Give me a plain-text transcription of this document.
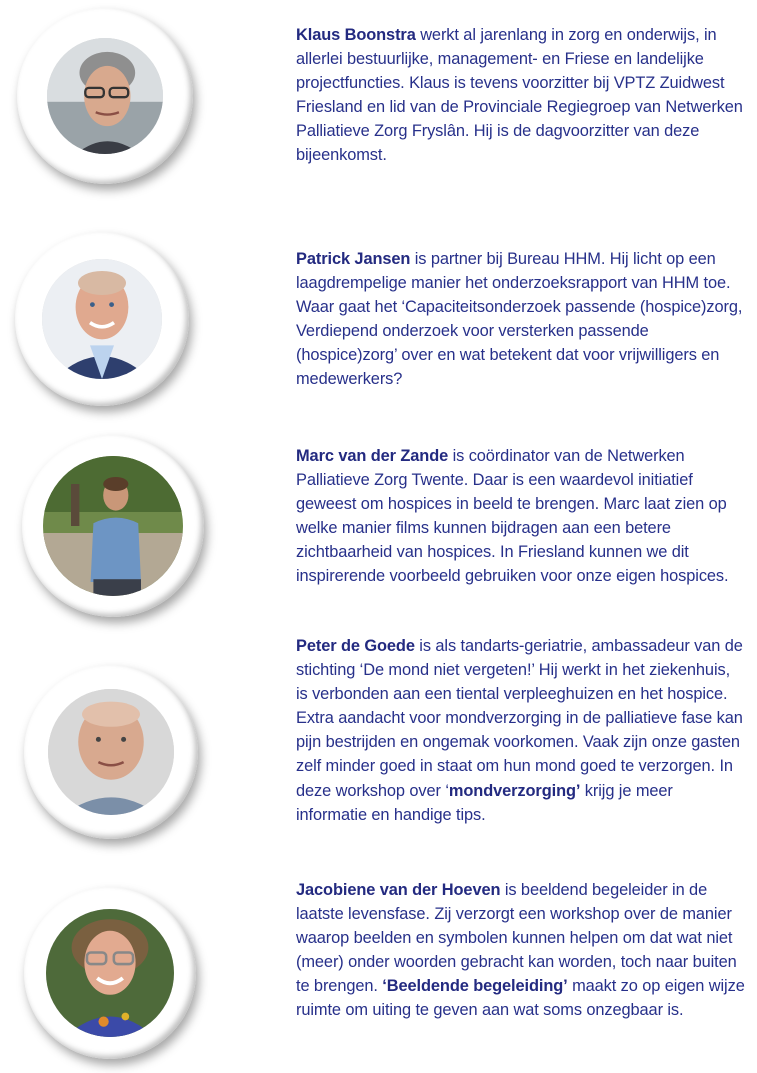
Klaus Boonstra werkt al jarenlang in zorg en onderwijs, in allerlei bestuurlijke, management- en Friese en landelijke projectfuncties. Klaus is tevens voorzitter bij VPTZ Zuidwest Friesland en lid van de Provinciale Regiegroep van Netwerken Palliatieve Zorg Fryslân. Hij is de dagvoorzitter van deze bijeenkomst.

Patrick Jansen is partner bij Bureau HHM. Hij licht op een laagdrempelige manier het onderzoeksrapport van HHM toe. Waar gaat het ‘Capaciteitsonderzoek passende (hospice)zorg, Verdiepend onderzoek voor versterken passende (hospice)zorg’ over en wat betekent dat voor vrijwilligers en medewerkers?

Marc van der Zande is coördinator van de Netwerken Palliatieve Zorg Twente. Daar is een waardevol initiatief geweest om hospices in beeld te brengen. Marc laat zien op welke manier films kunnen bijdragen aan een betere zichtbaarheid van hospices. In Friesland kunnen we dit inspirerende voorbeeld gebruiken voor onze eigen hospices.

Peter de Goede is als tandarts-geriatrie, ambassadeur van de stichting ‘De mond niet vergeten!’ Hij werkt in het ziekenhuis, is verbonden aan een tiental verpleeghuizen en het hospice. Extra aandacht voor mondverzorging in de palliatieve fase kan pijn bestrijden en ongemak voorkomen. Vaak zijn onze gasten zelf minder goed in staat om hun mond goed te verzorgen. In deze workshop over ‘mondverzorging’ krijg je meer informatie en handige tips.

Jacobiene van der Hoeven is beeldend begeleider in de laatste levensfase. Zij verzorgt een workshop over de manier waarop beelden en symbolen kunnen helpen om dat wat niet (meer) onder woorden gebracht kan worden, toch naar buiten te brengen. ‘Beeldende begeleiding’ maakt zo op eigen wijze ruimte om uiting te geven aan wat soms onzegbaar is.
